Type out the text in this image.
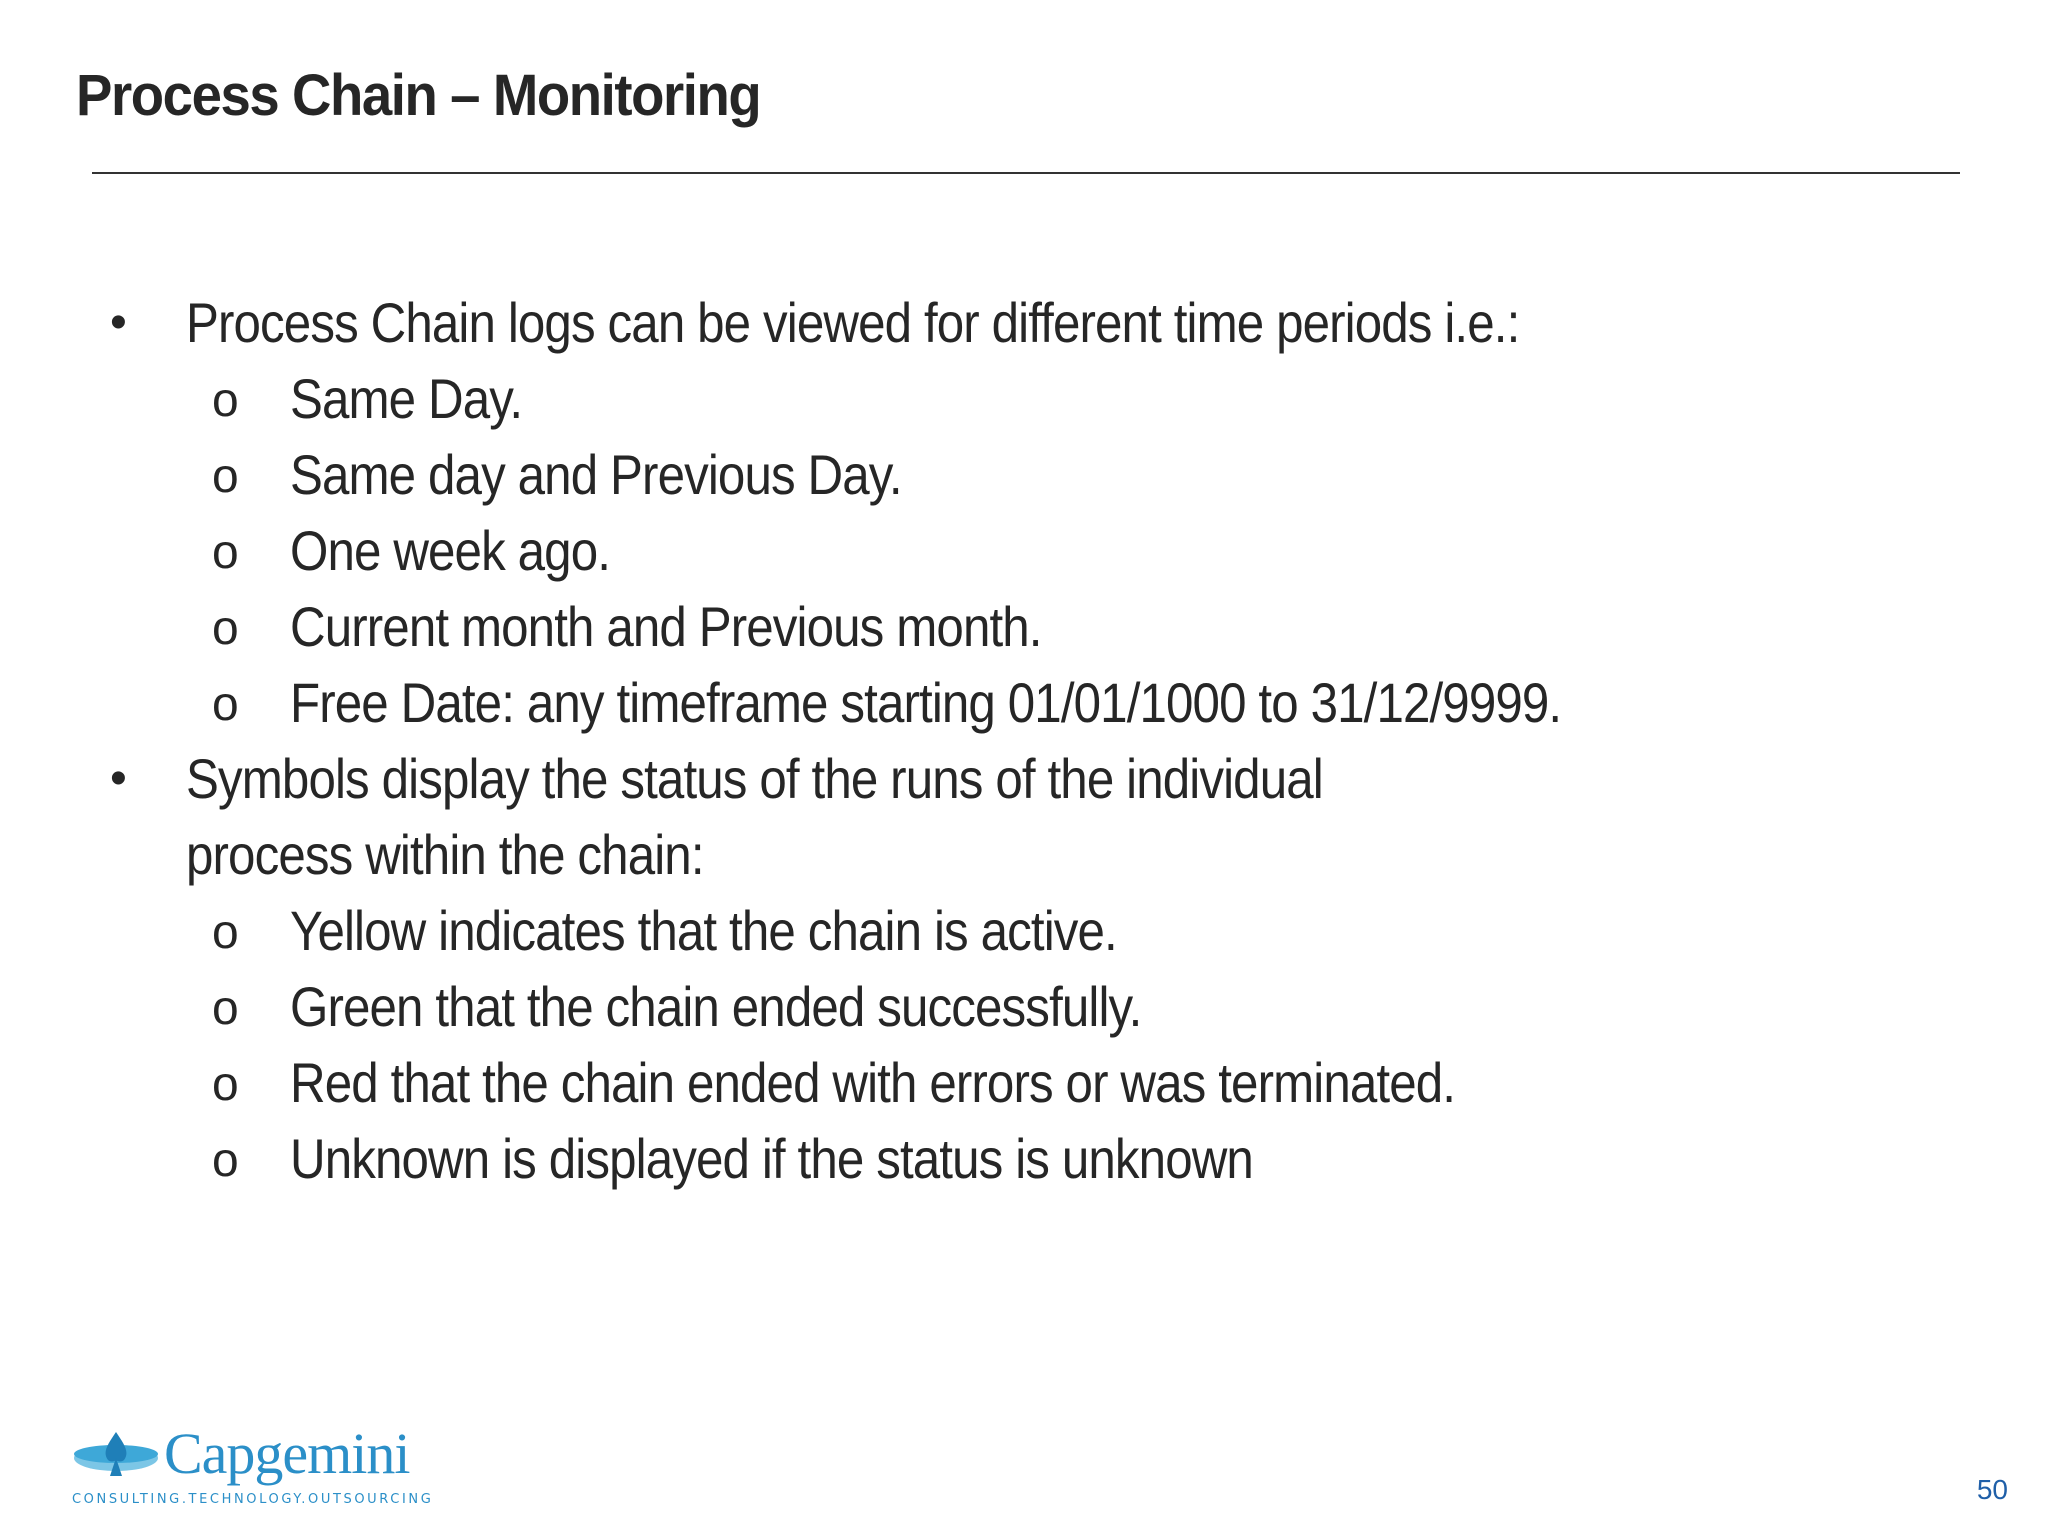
Process Chain – Monitoring
• Process Chain logs can be viewed for different time periods i.e.:
o Same Day.
o Same day and Previous Day.
o One week ago.
o Current month and Previous month.
o Free Date: any timeframe starting 01/01/1000 to 31/12/9999.
• Symbols display the status of the runs of the individual process within the chain:
o Yellow indicates that the chain is active.
o Green that the chain ended successfully.
o Red that the chain ended with errors or was terminated.
o Unknown is displayed if the status is unknown
Capgemini
CONSULTING.TECHNOLOGY.OUTSOURCING	50
